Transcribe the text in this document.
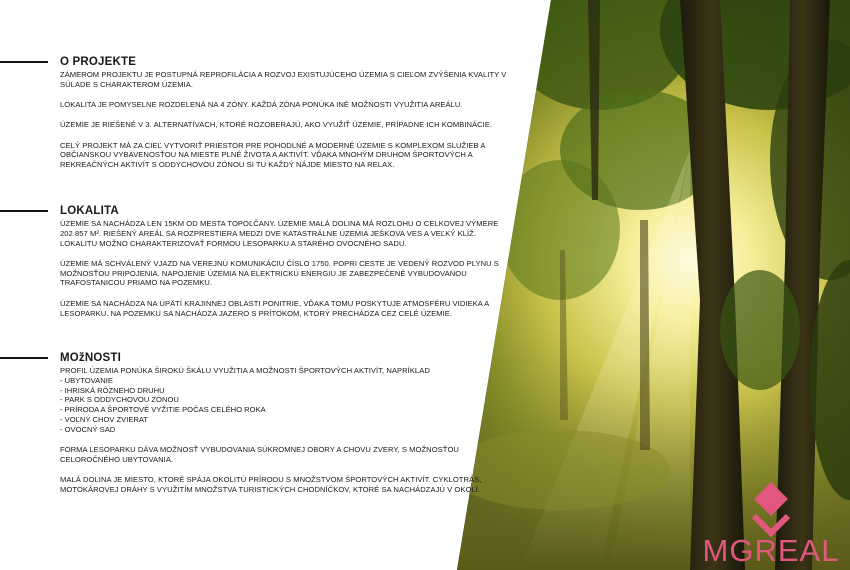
O PROJEKTE

ZÁMEROM PROJEKTU JE POSTUPNÁ REPROFILÁCIA A ROZVOJ EXISTUJÚCEHO ÚZEMIA S CIEĽOM ZVÝŠENIA KVALITY V SÚLADE S CHARAKTEROM ÚZEMIA.

LOKALITA JE POMYSELNE ROZDELENÁ NA 4 ZÓNY. KAŽDÁ ZÓNA PONÚKA INÉ MOŽNOSTI VYUŽITIA AREÁLU.

ÚZEMIE JE RIEŠENÉ V 3. ALTERNATÍVACH, KTORÉ ROZOBERAJÚ, AKO VYUŽIŤ ÚZEMIE, PRÍPADNE ICH KOMBINÁCIE.

CELÝ PROJEKT MÁ ZA CIEĽ VYTVORIŤ PRIESTOR PRE POHODLNÉ A MODERNÉ ÚZEMIE S KOMPLEXOM SLUŽIEB A OBČIANSKOU VYBAVENOSŤOU NA MIESTE PLNÉ ŽIVOTA A AKTIVÍT. VĎAKA MNOHÝM DRUHOM ŠPORTOVÝCH A REKREAČNÝCH AKTIVÍT S ODDYCHOVOU ZÓNOU SI TU KAŽDÝ NÁJDE MIESTO NA RELAX.

LOKALITA

ÚZEMIE SA NACHÁDZA LEN 15KM OD MESTA TOPOĽČANY. ÚZEMIE MALÁ DOLINA MÁ ROZLOHU O CELKOVEJ VÝMERE 202 857 M². RIEŠENÝ AREÁL SA ROZPRESTIERA MEDZI DVE KATASTRÁLNE ÚZEMIA JEŠKOVA VES A VEĽKÝ KLÍŽ. LOKALITU MOŽNO CHARAKTERIZOVAŤ FORMOU LESOPARKU A STARÉHO OVOCNÉHO SADU.

ÚZEMIE MÁ SCHVÁLENÝ VJAZD NA VEREJNÚ KOMUNIKÁCIU ČÍSLO 1750. POPRI CESTE JE VEDENÝ ROZVOD PLYNU S MOŽNOSŤOU PRIPOJENIA. NAPOJENIE ÚZEMIA NA ELEKTRICKÚ ENERGIU JE ZABEZPEČENÉ VYBUDOVANOU TRAFOSTANICOU PRIAMO NA POZEMKU.

ÚZEMIE SA NACHÁDZA NA ÚPÄTÍ KRAJINNEJ OBLASTI PONITRIE, VĎAKA TOMU POSKYTUJE ATMOSFÉRU VIDIEKA A LESOPARKU. NA POZEMKU SA NACHÁDZA JAZERO S PRÍTOKOM, KTORÝ PRECHÁDZA CEZ CELÉ ÚZEMIE.

MOžNOSTI

PROFIL ÚZEMIA PONÚKA ŠIROKÚ ŠKÁLU VYUŽITIA A MOŽNOSTI ŠPORTOVÝCH AKTIVÍT, NAPRÍKLAD

- UBYTOVANIE
- IHRISKÁ RÔZNEHO DRUHU
- PARK S ODDYCHOVOU ZÓNOU
- PRÍRODA A ŠPORTOVÉ VYŽITIE POČAS CELÉHO ROKA
- VOĽNÝ CHOV ZVIERAT
- OVOCNÝ SAD

FORMA LESOPARKU DÁVA MOŽNOSŤ VYBUDOVANIA SÚKROMNEJ OBORY A CHOVU ZVERY, S MOŽNOSŤOU CELOROČNÉHO UBYTOVANIA.

MALÁ DOLINA JE MIESTO, KTORÉ SPÁJA OKOLITÚ PRÍRODU S MNOŽSTVOM ŠPORTOVÝCH AKTIVÍT. CYKLOTRÁS, MOTOKÁROVEJ DRÁHY S VYUŽITÍM MNOŽSTVA TURISTICKÝCH CHODNÍČKOV, KTORÉ SA NACHÁDZAJÚ V OKOLÍ.

MGREAL
